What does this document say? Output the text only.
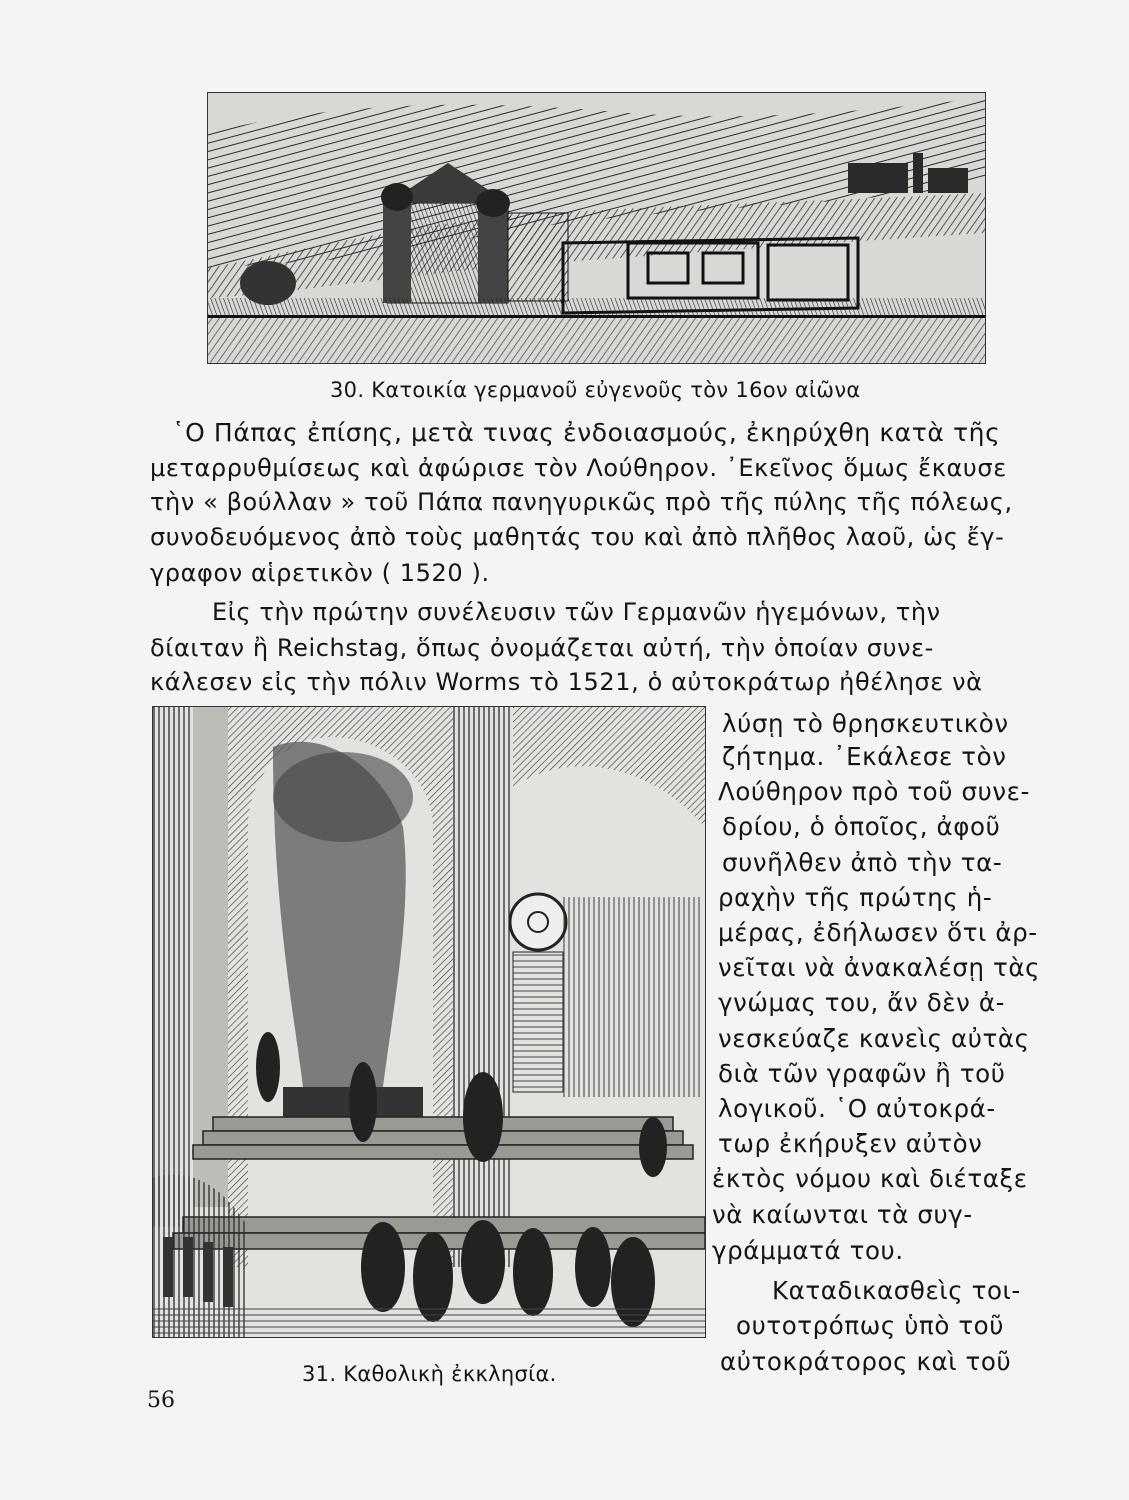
30. Κατοικία γερμανοῦ εὐγενοῦς τὸν 16ον αἰῶνα
῾Ο Πάπας ἐπίσης, μετὰ τινας ἐνδοιασμούς, ἐκηρύχθη κατὰ τῆς
μεταρρυθμίσεως καὶ ἀφώρισε τὸν Λούθηρον. ᾿Εκεῖνος ὅμως ἔκαυσε
τὴν « βούλλαν » τοῦ Πάπα πανηγυρικῶς πρὸ τῆς πύλης τῆς πόλεως,
συνοδευόμενος ἀπὸ τοὺς μαθητάς του καὶ ἀπὸ πλῆθος λαοῦ, ὡς ἔγ-
γραφον αἱρετικὸν ( 1520 ).
Εἰς τὴν πρώτην συνέλευσιν τῶν Γερμανῶν ἡγεμόνων, τὴν
δίαιταν ἢ Reichstag, ὅπως ὀνομάζεται αὐτή, τὴν ὁποίαν συνε-
κάλεσεν εἰς τὴν πόλιν Worms τὸ 1521, ὁ αὐτοκράτωρ ἠθέλησε νὰ
31. Καθολικὴ ἐκκλησία.
λύσῃ τὸ θρησκευτικὸν
ζήτημα. ᾿Εκάλεσε τὸν
Λούθηρον πρὸ τοῦ συνε-
δρίου, ὁ ὁποῖος, ἀφοῦ
συνῆλθεν ἀπὸ τὴν τα-
ραχὴν τῆς πρώτης ἡ-
μέρας, ἐδήλωσεν ὅτι ἀρ-
νεῖται νὰ ἀνακαλέσῃ τὰς
γνώμας του, ἄν δὲν ἀ-
νεσκεύαζε κανεὶς αὐτὰς
διὰ τῶν γραφῶν ἢ τοῦ
λογικοῦ. ῾Ο αὐτοκρά-
τωρ ἐκήρυξεν αὐτὸν
ἐκτὸς νόμου καὶ διέταξε
νὰ καίωνται τὰ συγ-
γράμματά του.
Καταδικασθεὶς τοι-
ουτοτρόπως ὑπὸ τοῦ
αὐτοκράτορος καὶ τοῦ
56
